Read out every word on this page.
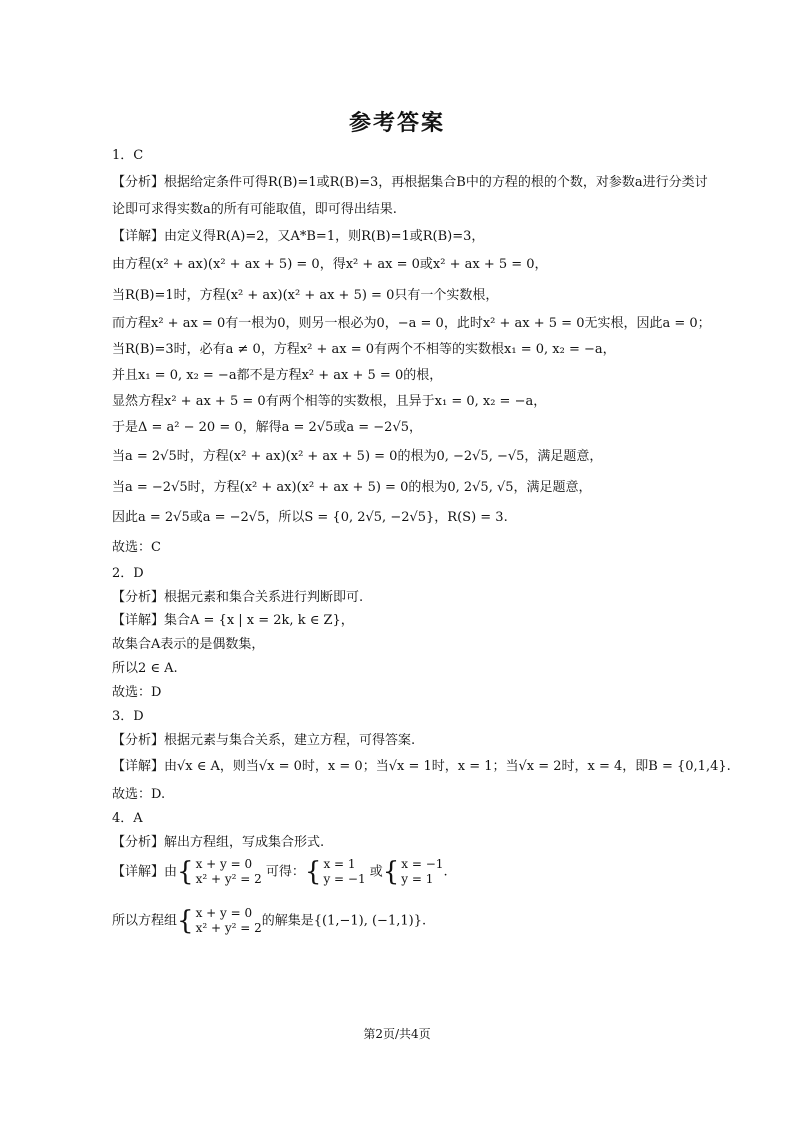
参考答案
1．C
【分析】根据给定条件可得R(B)=1或R(B)=3，再根据集合B中的方程的根的个数，对参数a进行分类讨
论即可求得实数a的所有可能取值，即可得出结果.
【详解】由定义得R(A)=2，又A*B=1，则R(B)=1或R(B)=3，
由方程(x² + ax)(x² + ax + 5) = 0，得x² + ax = 0或x² + ax + 5 = 0，
当R(B)=1时，方程(x² + ax)(x² + ax + 5) = 0只有一个实数根，
而方程x² + ax = 0有一根为0，则另一根必为0，−a = 0，此时x² + ax + 5 = 0无实根，因此a = 0；
当R(B)=3时，必有a ≠ 0，方程x² + ax = 0有两个不相等的实数根x₁ = 0, x₂ = −a，
并且x₁ = 0, x₂ = −a都不是方程x² + ax + 5 = 0的根，
显然方程x² + ax + 5 = 0有两个相等的实数根，且异于x₁ = 0, x₂ = −a，
于是Δ = a² − 20 = 0，解得a = 2√5或a = −2√5，
当a = 2√5时，方程(x² + ax)(x² + ax + 5) = 0的根为0, −2√5, −√5，满足题意，
当a = −2√5时，方程(x² + ax)(x² + ax + 5) = 0的根为0, 2√5, √5，满足题意，
因此a = 2√5或a = −2√5，所以S = {0, 2√5, −2√5}，R(S) = 3.
故选：C
2．D
【分析】根据元素和集合关系进行判断即可.
【详解】集合A = {x | x = 2k, k ∈ Z}，
故集合A表示的是偶数集，
所以2 ∈ A.
故选：D
3．D
【分析】根据元素与集合关系，建立方程，可得答案.
【详解】由√x ∈ A，则当√x = 0时，x = 0；当√x = 1时，x = 1；当√x = 2时，x = 4，即B = {0,1,4}.
故选：D.
4．A
【分析】解出方程组，写成集合形式.
【详解】由{ x + y = 0
x² + y² = 2 可得：{ x = 1
y = −1 或{ x = −1
y = 1 .
所以方程组{ x + y = 0
x² + y² = 2 的解集是{(1,−1), (−1,1)}.
第2页/共4页
